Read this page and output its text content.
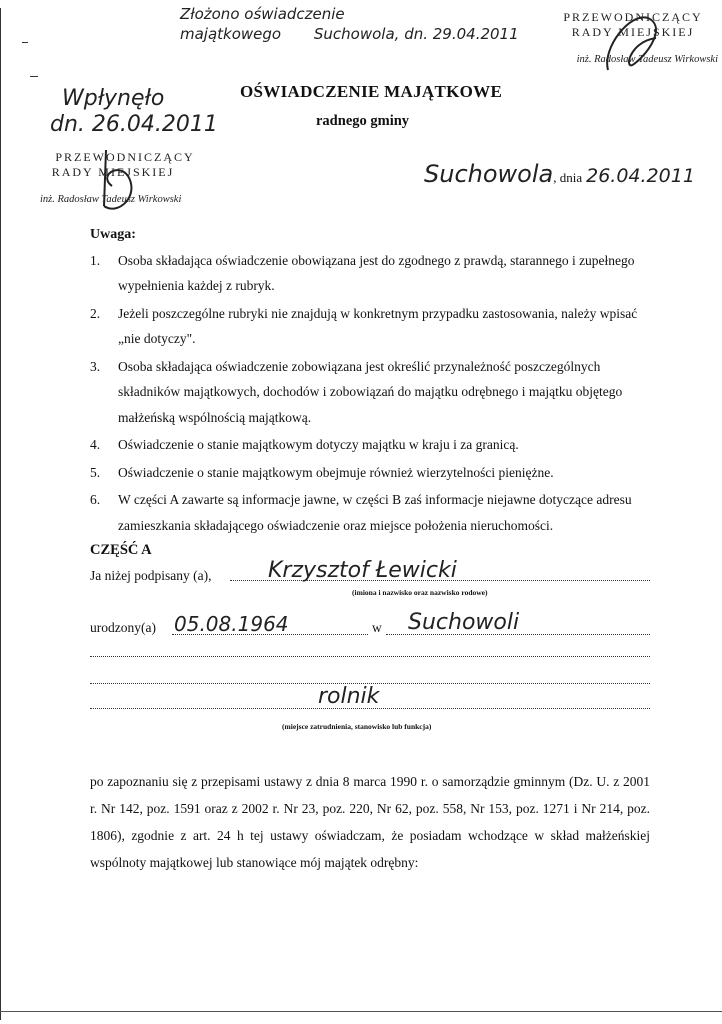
Złożono oświadczenie
majątkowego Suchowola, dn. 29.04.2011
PRZEWODNICZĄCY
RADY MIEJSKIEJ
inż. Radosław Tadeusz Wirkowski
Wpłynęło
dn. 26.04.2011
PRZEWODNICZĄCY
RADY MIEJSKIEJ
inż. Radosław Tadeusz Wirkowski
OŚWIADCZENIE MAJĄTKOWE
radnego gminy
Suchowola, dnia 26.04.2011
Uwaga:
1. Osoba składająca oświadczenie obowiązana jest do zgodnego z prawdą, starannego i zupełnego wypełnienia każdej z rubryk.
2. Jeżeli poszczególne rubryki nie znajdują w konkretnym przypadku zastosowania, należy wpisać „nie dotyczy".
3. Osoba składająca oświadczenie zobowiązana jest określić przynależność poszczególnych składników majątkowych, dochodów i zobowiązań do majątku odrębnego i majątku objętego małżeńską wspólnością majątkową.
4. Oświadczenie o stanie majątkowym dotyczy majątku w kraju i za granicą.
5. Oświadczenie o stanie majątkowym obejmuje również wierzytelności pieniężne.
6. W części A zawarte są informacje jawne, w części B zaś informacje niejawne dotyczące adresu zamieszkania składającego oświadczenie oraz miejsce położenia nieruchomości.
CZĘŚĆ A
Ja niżej podpisany (a),	Krzysztof Łewicki
(imiona i nazwisko oraz nazwisko rodowe)
urodzony(a) 05.08.1964	w Suchowoli
rolnik
(miejsce zatrudnienia, stanowisko lub funkcja)
po zapoznaniu się z przepisami ustawy z dnia 8 marca 1990 r. o samorządzie gminnym (Dz. U. z 2001 r. Nr 142, poz. 1591 oraz z 2002 r. Nr 23, poz. 220, Nr 62, poz. 558, Nr 153, poz. 1271 i Nr 214, poz. 1806), zgodnie z art. 24 h tej ustawy oświadczam, że posiadam wchodzące w skład małżeńskiej wspólnoty majątkowej lub stanowiące mój majątek odrębny:
